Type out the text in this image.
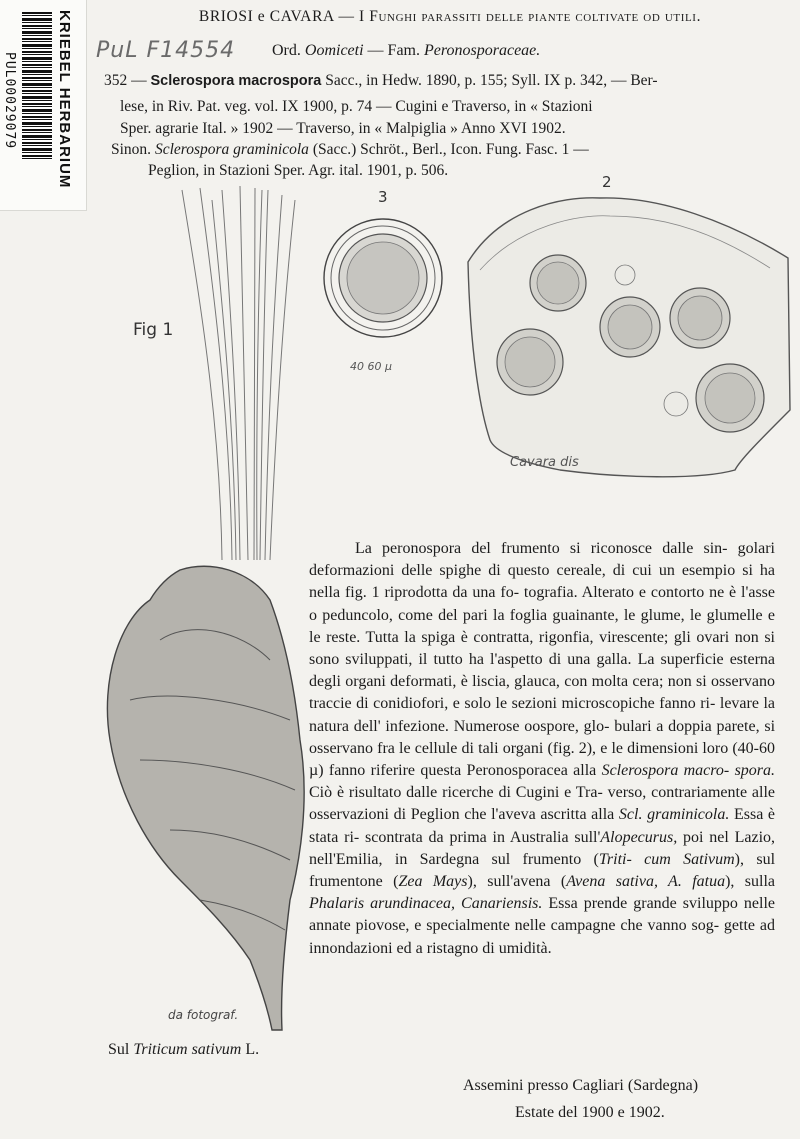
KRIEBEL HERBARIUM
PUL00029079
PuL F14554
BRIOSI e CAVARA — I Funghi parassiti delle piante coltivate od utili.
Ord. Oomiceti — Fam. Peronosporaceae.
352 — Sclerospora macrospora Sacc., in Hedw. 1890, p. 155; Syll. IX p. 342, — Ber-
lese, in Riv. Pat. veg. vol. IX 1900, p. 74 — Cugini e Traverso, in « Stazioni
Sper. agrarie Ital. » 1902 — Traverso, in « Malpiglia » Anno XVI 1902.
Sinon. Sclerospora graminicola (Sacc.) Schröt., Berl., Icon. Fung. Fasc. 1 —
Peglion, in Stazioni Sper. Agr. ital. 1901, p. 506.
Fig 1
3
2
40 60 µ
Cavara dis
da fotograf.

La peronospora del frumento si riconosce dalle sin- golari deformazioni delle spighe di questo cereale, di cui un esempio si ha nella fig. 1 riprodotta da una fo- tografia. Alterato e contorto ne è l'asse o peduncolo, come del pari la foglia guainante, le glume, le glumelle e le reste. Tutta la spiga è contratta, rigonfia, virescente; gli ovari non si sono sviluppati, il tutto ha l'aspetto di una galla. La superficie esterna degli organi deformati, è liscia, glauca, con molta cera; non si osservano traccie di conidiofori, e solo le sezioni microscopiche fanno ri- levare la natura dell' infezione. Numerose oospore, glo- bulari a doppia parete, si osservano fra le cellule di tali organi (fig. 2), e le dimensioni loro (40-60 µ) fanno riferire questa Peronosporacea alla Sclerospora macro- spora. Ciò è risultato dalle ricerche di Cugini e Tra- verso, contrariamente alle osservazioni di Peglion che l'aveva ascritta alla Scl. graminicola. Essa è stata ri- scontrata da prima in Australia sull'Alopecurus, poi nel Lazio, nell'Emilia, in Sardegna sul frumento (Triti- cum Sativum), sul frumentone (Zea Mays), sull'avena (Avena sativa, A. fatua), sulla Phalaris arundinacea, Canariensis. Essa prende grande sviluppo nelle annate piovose, e specialmente nelle campagne che vanno sog- gette ad innondazioni ed a ristagno di umidità.

Sul Triticum sativum L.
Assemini presso Cagliari (Sardegna)
Estate del 1900 e 1902.
